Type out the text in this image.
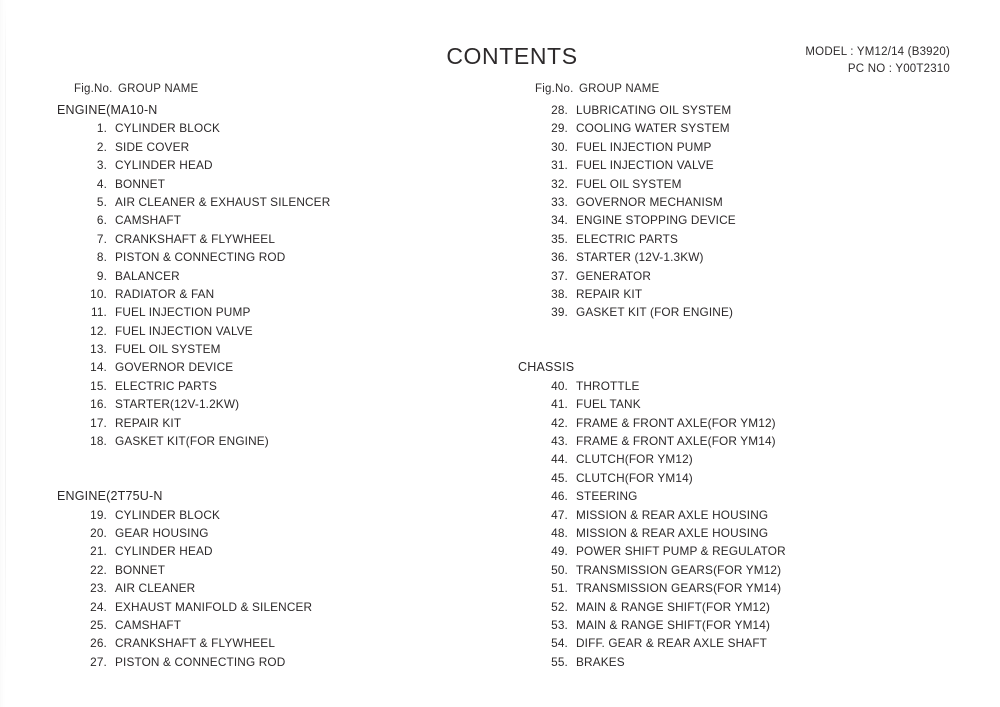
CONTENTS	MODEL : YM12/14 (B3920)
PC NO : Y00T2310
Fig.No. GROUP NAME
ENGINE(MA10-N
1. CYLINDER BLOCK
2. SIDE COVER
3. CYLINDER HEAD
4. BONNET
5. AIR CLEANER & EXHAUST SILENCER
6. CAMSHAFT
7. CRANKSHAFT & FLYWHEEL
8. PISTON & CONNECTING ROD
9. BALANCER
10. RADIATOR & FAN
11. FUEL INJECTION PUMP
12. FUEL INJECTION VALVE
13. FUEL OIL SYSTEM
14. GOVERNOR DEVICE
15. ELECTRIC PARTS
16. STARTER(12V-1.2KW)
17. REPAIR KIT
18. GASKET KIT(FOR ENGINE)
ENGINE(2T75U-N
19. CYLINDER BLOCK
20. GEAR HOUSING
21. CYLINDER HEAD
22. BONNET
23. AIR CLEANER
24. EXHAUST MANIFOLD & SILENCER
25. CAMSHAFT
26. CRANKSHAFT & FLYWHEEL
27. PISTON & CONNECTING ROD
Fig.No. GROUP NAME
28. LUBRICATING OIL SYSTEM
29. COOLING WATER SYSTEM
30. FUEL INJECTION PUMP
31. FUEL INJECTION VALVE
32. FUEL OIL SYSTEM
33. GOVERNOR MECHANISM
34. ENGINE STOPPING DEVICE
35. ELECTRIC PARTS
36. STARTER (12V-1.3KW)
37. GENERATOR
38. REPAIR KIT
39. GASKET KIT (FOR ENGINE)
CHASSIS
40. THROTTLE
41. FUEL TANK
42. FRAME & FRONT AXLE(FOR YM12)
43. FRAME & FRONT AXLE(FOR YM14)
44. CLUTCH(FOR YM12)
45. CLUTCH(FOR YM14)
46. STEERING
47. MISSION & REAR AXLE HOUSING
48. MISSION & REAR AXLE HOUSING
49. POWER SHIFT PUMP & REGULATOR
50. TRANSMISSION GEARS(FOR YM12)
51. TRANSMISSION GEARS(FOR YM14)
52. MAIN & RANGE SHIFT(FOR YM12)
53. MAIN & RANGE SHIFT(FOR YM14)
54. DIFF. GEAR & REAR AXLE SHAFT
55. BRAKES
